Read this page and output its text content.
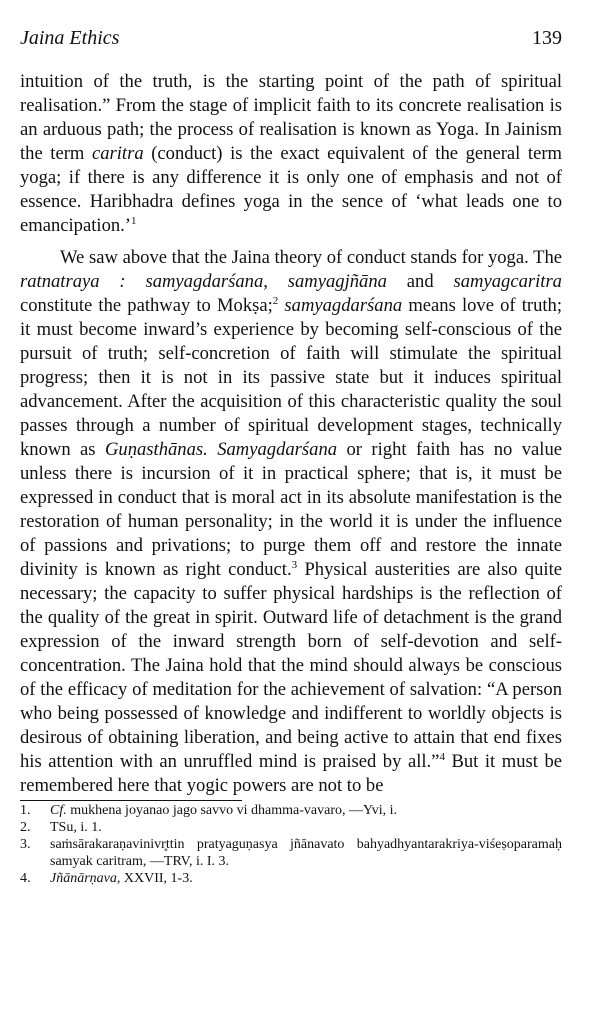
Jaina Ethics	139

intuition of the truth, is the starting point of the path of spiritual realisation.” From the stage of implicit faith to its concrete realisation is an arduous path; the process of realisation is known as Yoga. In Jainism the term caritra (conduct) is the exact equivalent of the general term yoga; if there is any difference it is only one of emphasis and not of essence. Haribhadra defines yoga in the sence of ‘what leads one to emancipation.’$^1$

We saw above that the Jaina theory of conduct stands for yoga. The ratnatraya : samyagdarśana, samyagjñāna and samyagcaritra constitute the pathway to Mokṣa;$^2$ samyagdarśana means love of truth; it must become inward’s experience by becoming self-conscious of the pursuit of truth; self-concretion of faith will stimulate the spiritual progress; then it is not in its passive state but it induces spiritual advancement. After the acquisition of this characteristic quality the soul passes through a number of spiritual development stages, technically known as Guṇasthānas. Samyagdarśana or right faith has no value unless there is incursion of it in practical sphere; that is, it must be expressed in conduct that is moral act in its absolute manifestation is the restoration of human personality; in the world it is under the influence of passions and privations; to purge them off and restore the innate divinity is known as right conduct.$^3$ Physical austerities are also quite necessary; the capacity to suffer physical hardships is the reflection of the quality of the great in spirit. Outward life of detachment is the grand expression of the inward strength born of self-devotion and self-concentration. The Jaina hold that the mind should always be conscious of the efficacy of meditation for the achievement of salvation: “A person who being possessed of knowledge and indifferent to worldly objects is desirous of obtaining liberation, and being active to attain that end fixes his attention with an unruffled mind is praised by all.”$^4$ But it must be remembered here that yogic powers are not to be

1.	Cf. mukhena joyanao jago savvo vi dhamma-vavaro, —Yvi, i.
2.	TSu, i. 1.
3.	saṁsārakaraṇavinivr̥ttin pratyaguṇasya jñānavato bahyadhyantarakriya-viśeṣoparamaḥ samyak caritram, —TRV, i. I. 3.
4.	Jñānārṇava, XXVII, 1-3.
